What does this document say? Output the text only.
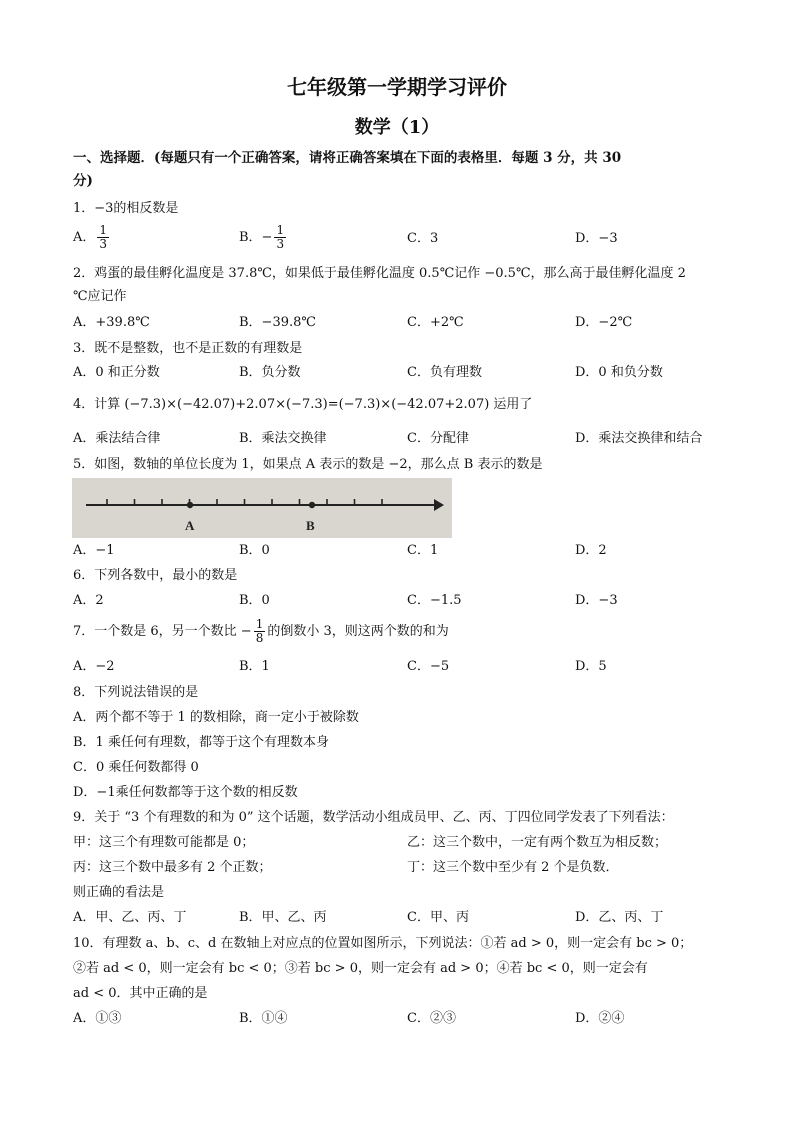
七年级第一学期学习评价
数学（1）
一、选择题．(每题只有一个正确答案，请将正确答案填在下面的表格里．每题 3 分，共 30
分)
1．−3的相反数是
A． $\frac{1}{3}$	B．− $\frac{1}{3}$	C．3	D．−3
2．鸡蛋的最佳孵化温度是 37.8℃，如果低于最佳孵化温度 0.5℃记作 −0.5℃，那么高于最佳孵化温度 2
℃应记作
A．+39.8℃	B．−39.8℃	C．+2℃	D．−2℃
3．既不是整数，也不是正数的有理数是
A．0 和正分数	B．负分数	C．负有理数	D．0 和负分数
4．计算 (−7.3)×(−42.07)+2.07×(−7.3)=(−7.3)×(−42.07+2.07) 运用了
A．乘法结合律	B．乘法交换律	C．分配律	D．乘法交换律和结合
5．如图，数轴的单位长度为 1，如果点 A 表示的数是 −2，那么点 B 表示的数是
A	B
A．−1	B．0	C．1	D．2
6．下列各数中，最小的数是
A．2	B．0	C．−1.5	D．−3
7．一个数是 6，另一个数比 − $\frac{1}{8}$ 的倒数小 3，则这两个数的和为
A．−2	B．1	C．−5	D．5
8．下列说法错误的是
A．两个都不等于 1 的数相除，商一定小于被除数
B．1 乘任何有理数，都等于这个有理数本身
C．0 乘任何数都得 0
D．−1乘任何数都等于这个数的相反数
9．关于 “3 个有理数的和为 0” 这个话题，数学活动小组成员甲、乙、丙、丁四位同学发表了下列看法：
甲：这三个有理数可能都是 0；	乙：这三个数中，一定有两个数互为相反数；
丙：这三个数中最多有 2 个正数；	丁：这三个数中至少有 2 个是负数．
则正确的看法是
A．甲、乙、丙、丁	B．甲、乙、丙	C．甲、丙	D．乙、丙、丁
10．有理数 a、b、c、d 在数轴上对应点的位置如图所示，下列说法：①若 ad > 0，则一定会有 bc > 0；
②若 ad < 0，则一定会有 bc < 0；③若 bc > 0，则一定会有 ad > 0；④若 bc < 0，则一定会有
ad < 0．其中正确的是
A．①③	B．①④	C．②③	D．②④
